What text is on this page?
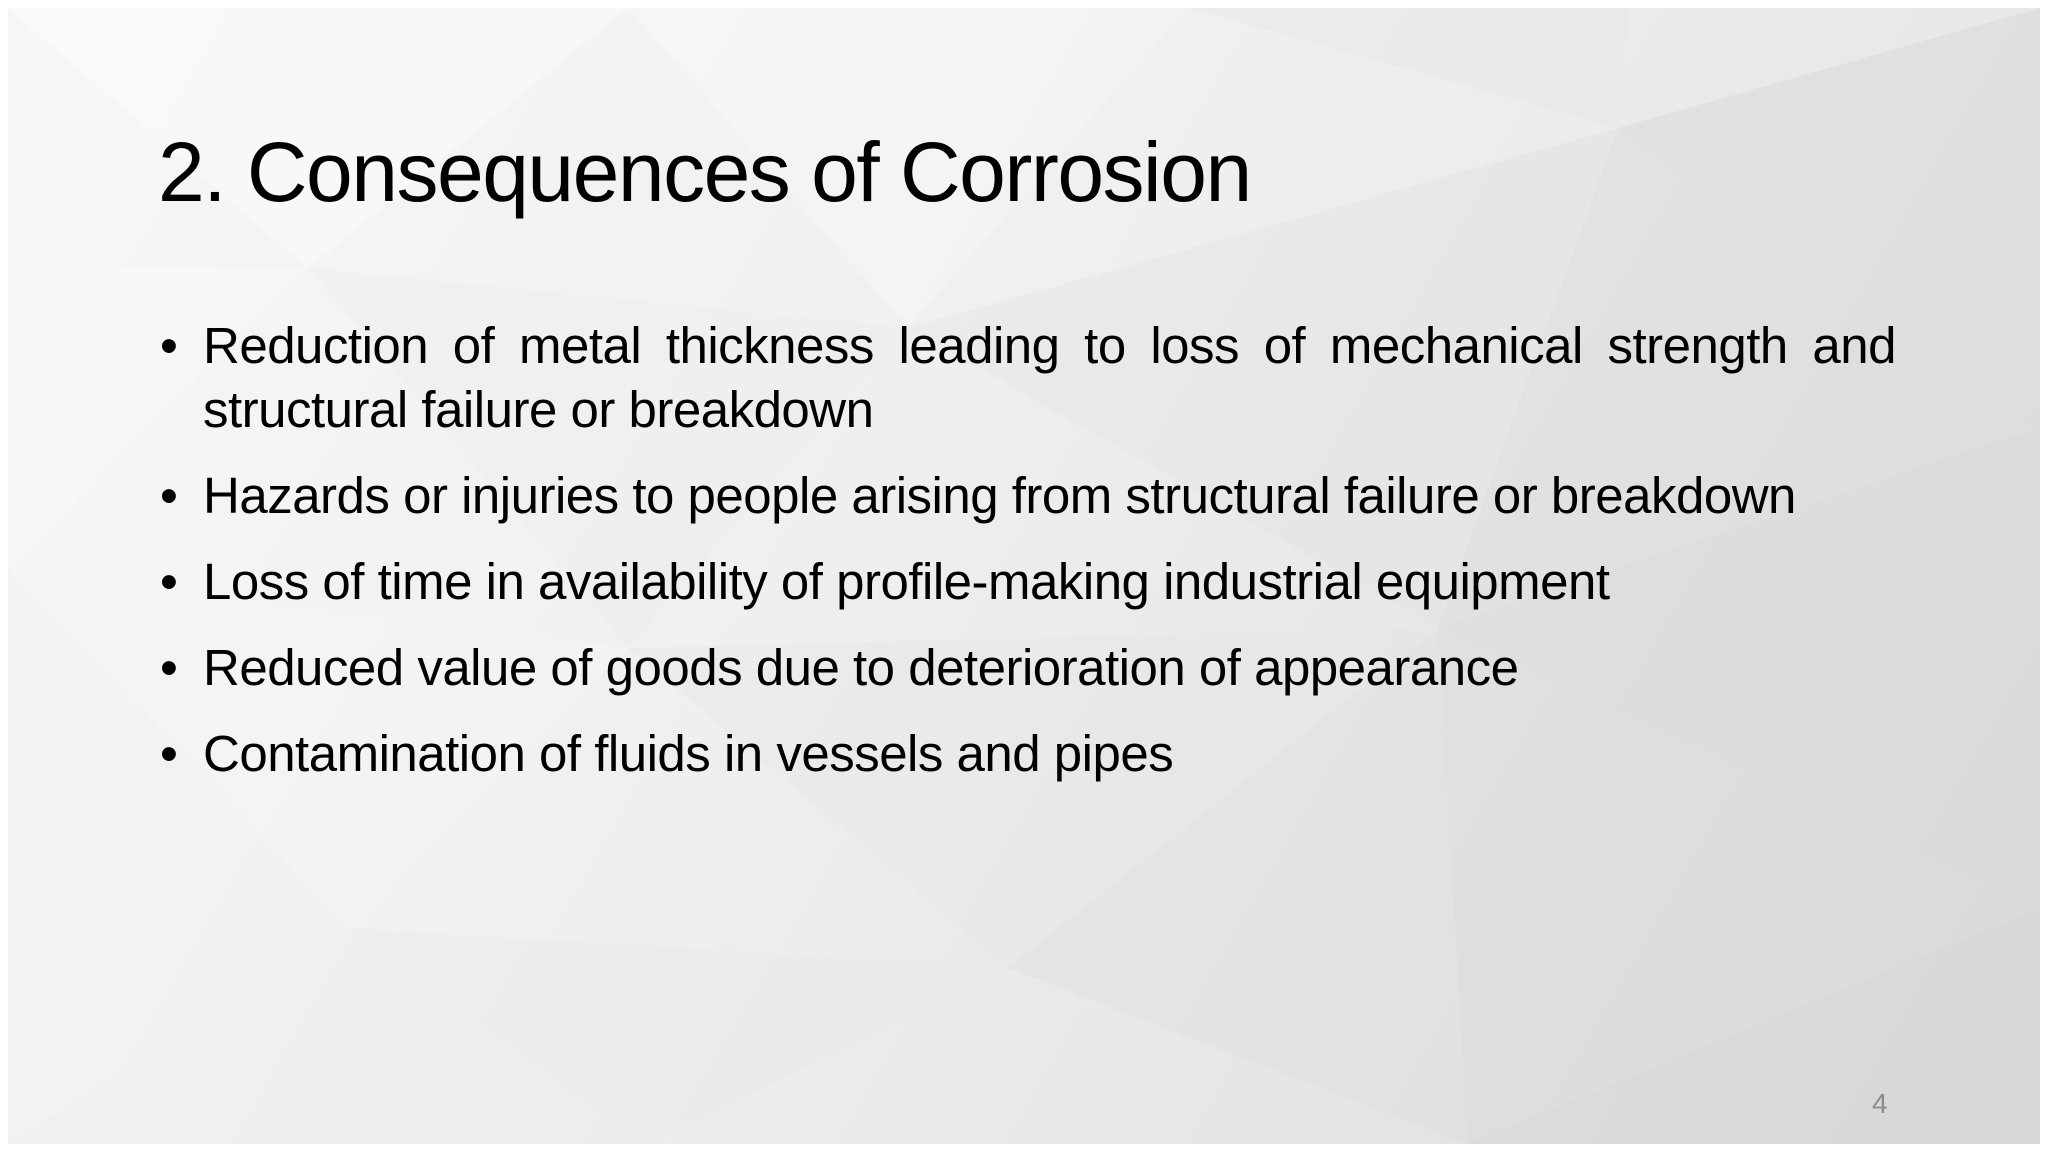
2. Consequences of Corrosion
• Reduction of metal thickness leading to loss of mechanical strength and structural failure or breakdown
• Hazards or injuries to people arising from structural failure or breakdown
• Loss of time in availability of profile-making industrial equipment
• Reduced value of goods due to deterioration of appearance
• Contamination of fluids in vessels and pipes
4
